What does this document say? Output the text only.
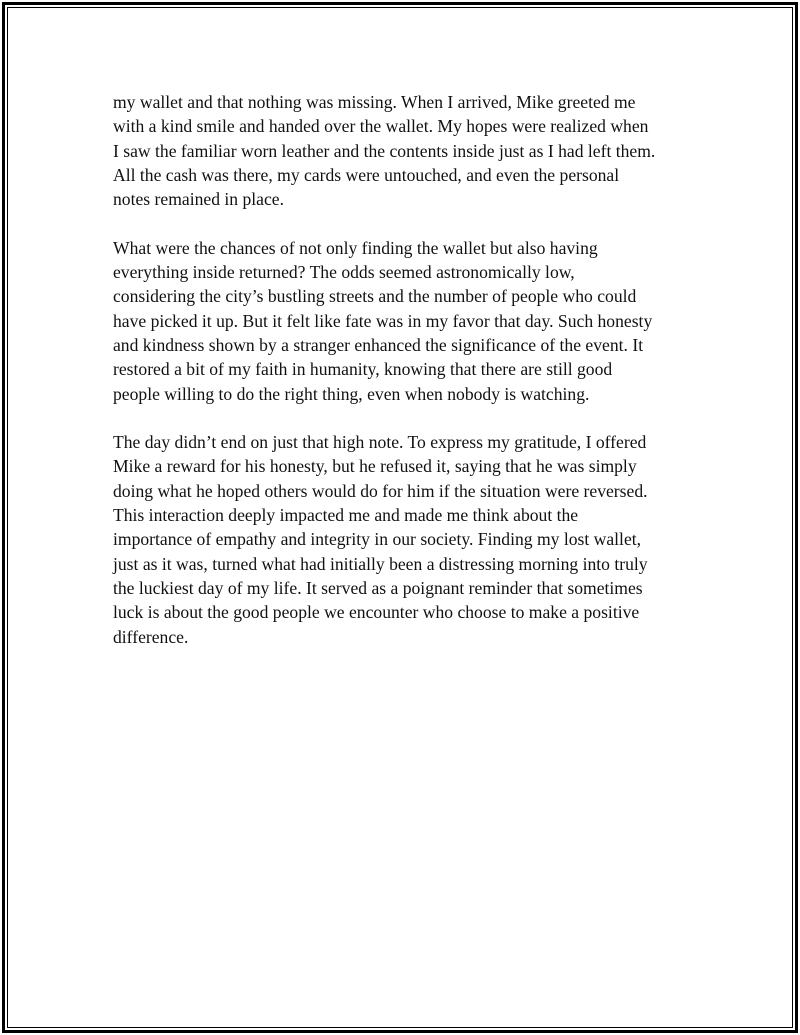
my wallet and that nothing was missing. When I arrived, Mike greeted me
with a kind smile and handed over the wallet. My hopes were realized when
I saw the familiar worn leather and the contents inside just as I had left them.
All the cash was there, my cards were untouched, and even the personal
notes remained in place.

What were the chances of not only finding the wallet but also having
everything inside returned? The odds seemed astronomically low,
considering the city’s bustling streets and the number of people who could
have picked it up. But it felt like fate was in my favor that day. Such honesty
and kindness shown by a stranger enhanced the significance of the event. It
restored a bit of my faith in humanity, knowing that there are still good
people willing to do the right thing, even when nobody is watching.

The day didn’t end on just that high note. To express my gratitude, I offered
Mike a reward for his honesty, but he refused it, saying that he was simply
doing what he hoped others would do for him if the situation were reversed.
This interaction deeply impacted me and made me think about the
importance of empathy and integrity in our society. Finding my lost wallet,
just as it was, turned what had initially been a distressing morning into truly
the luckiest day of my life. It served as a poignant reminder that sometimes
luck is about the good people we encounter who choose to make a positive
difference.
